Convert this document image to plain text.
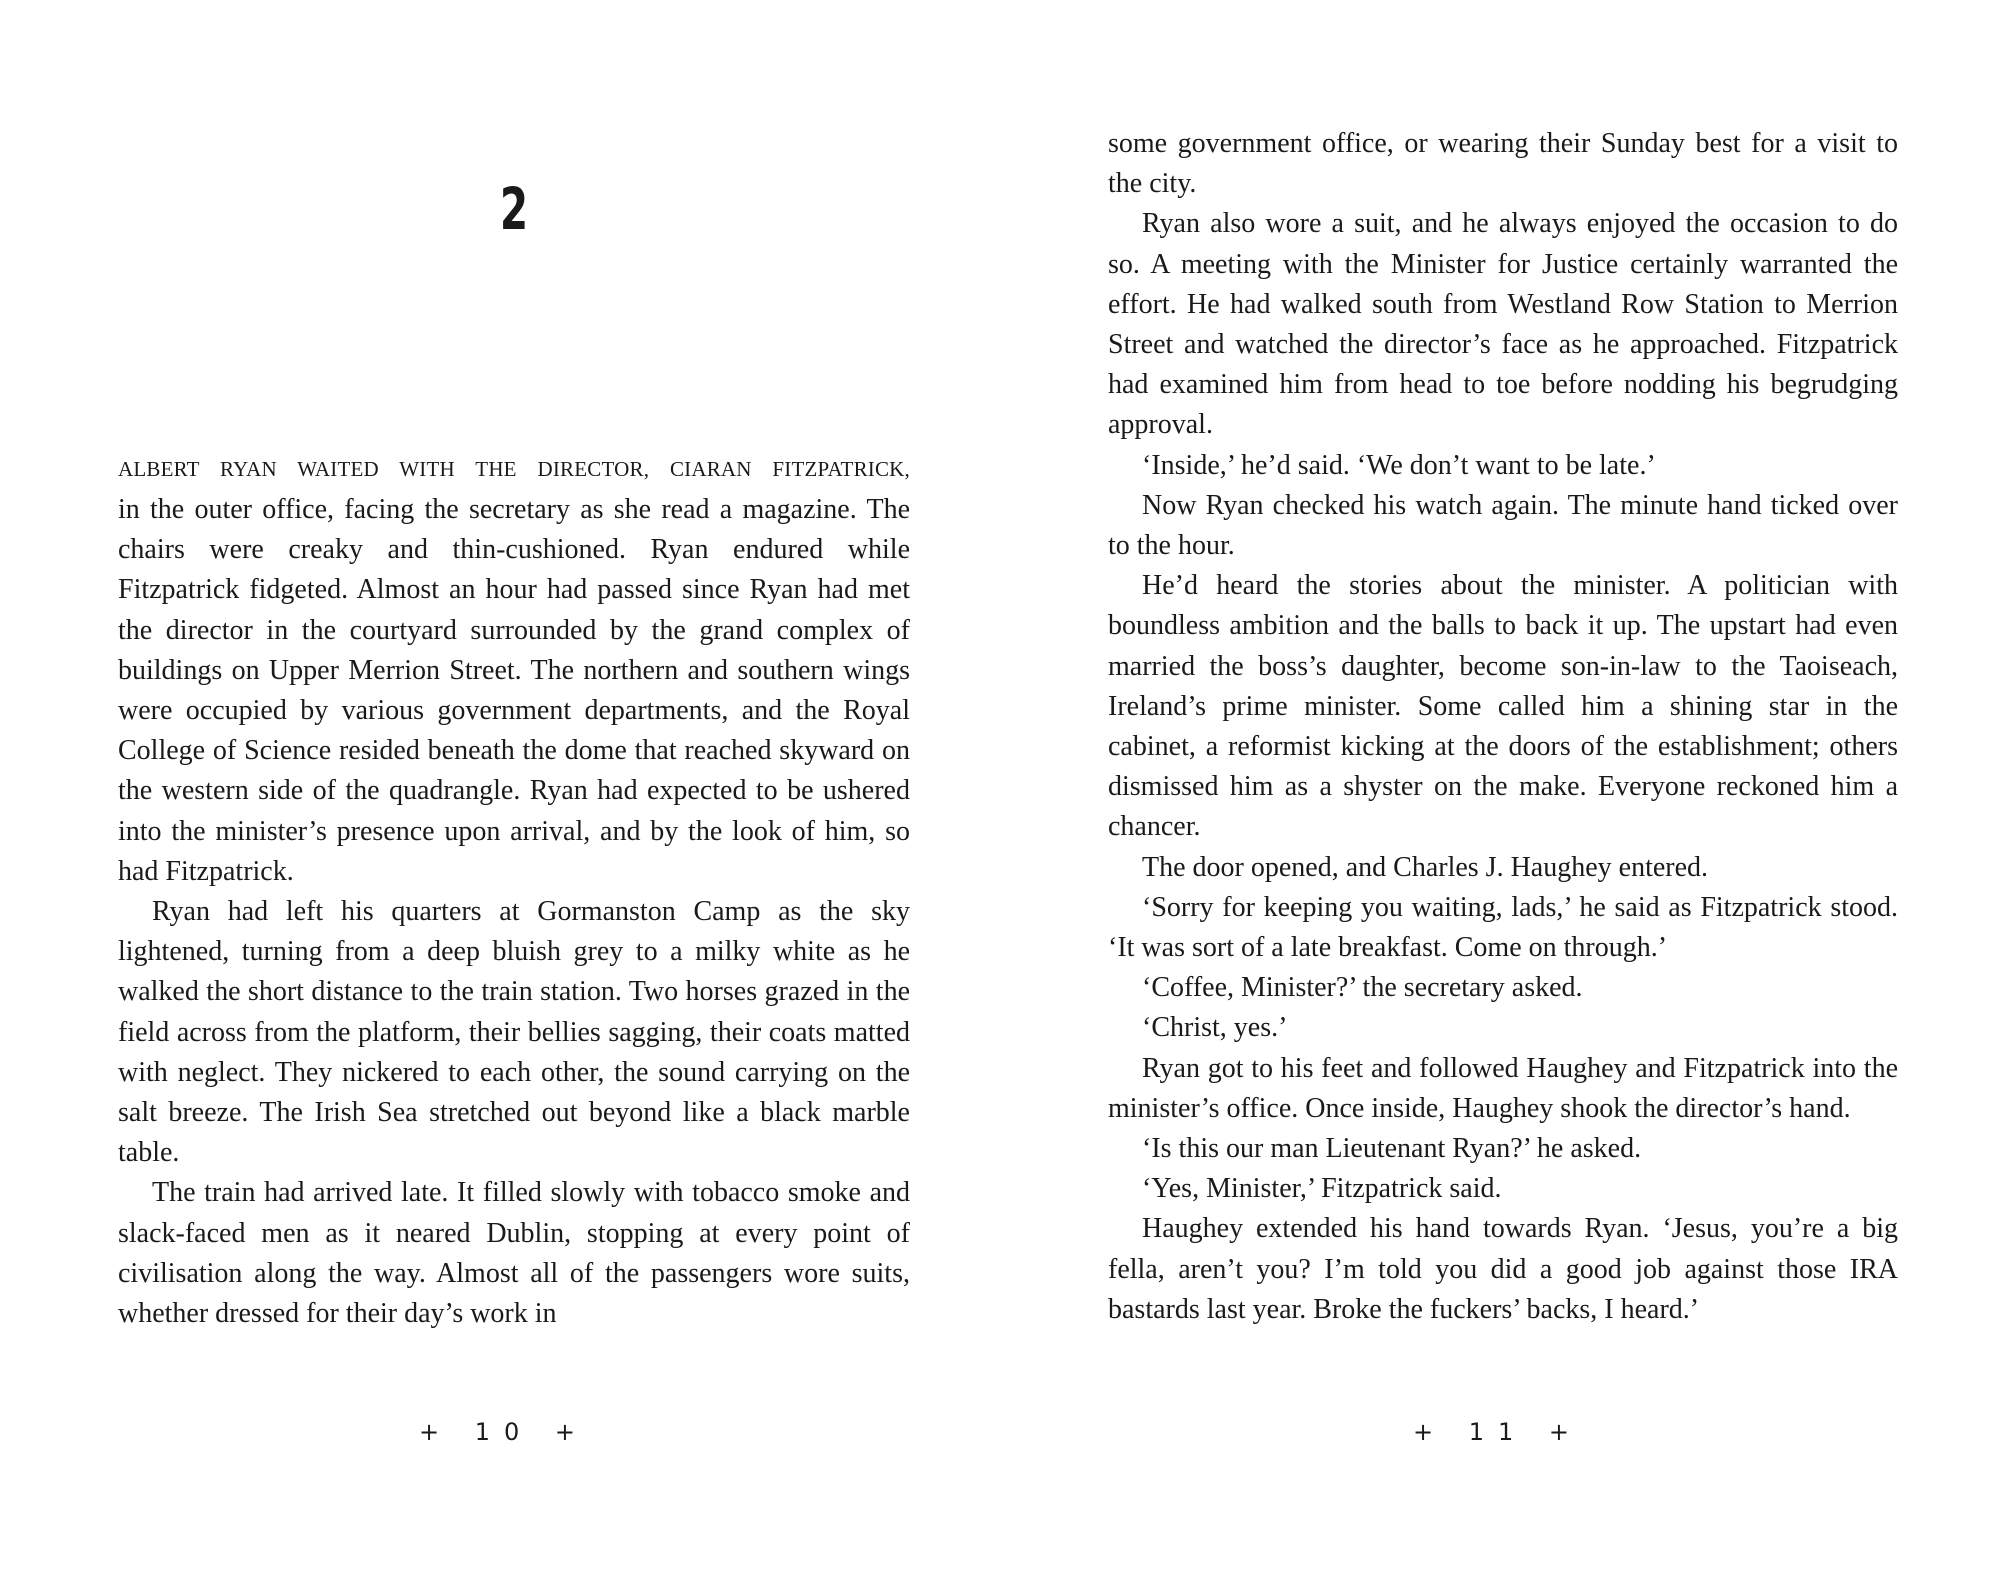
2

ALBERT RYAN WAITED WITH THE DIRECTOR, CIARAN FITZPATRICK,
in the outer office, facing the secretary as she read a magazine. The chairs were creaky and thin-cushioned. Ryan endured while Fitzpatrick fidgeted. Almost an hour had passed since Ryan had met the director in the courtyard surrounded by the grand complex of buildings on Upper Merrion Street. The northern and southern wings were occupied by various government departments, and the Royal College of Science resided beneath the dome that reached skyward on the western side of the quadrangle. Ryan had expected to be ushered into the minister’s presence upon arrival, and by the look of him, so had Fitzpatrick.

Ryan had left his quarters at Gormanston Camp as the sky lightened, turning from a deep bluish grey to a milky white as he walked the short distance to the train station. Two horses grazed in the field across from the platform, their bellies sagging, their coats matted with neglect. They nickered to each other, the sound carrying on the salt breeze. The Irish Sea stretched out beyond like a black marble table.

The train had arrived late. It filled slowly with tobacco smoke and slack-faced men as it neared Dublin, stopping at every point of civilisation along the way. Almost all of the passengers wore suits, whether dressed for their day’s work in

+ 10 +

some government office, or wearing their Sunday best for a visit to the city.

Ryan also wore a suit, and he always enjoyed the occasion to do so. A meeting with the Minister for Justice certainly warranted the effort. He had walked south from Westland Row Station to Merrion Street and watched the director’s face as he approached. Fitzpatrick had examined him from head to toe before nodding his begrudging approval.

‘Inside,’ he’d said. ‘We don’t want to be late.’

Now Ryan checked his watch again. The minute hand ticked over to the hour.

He’d heard the stories about the minister. A politician with boundless ambition and the balls to back it up. The upstart had even married the boss’s daughter, become son-in-law to the Taoiseach, Ireland’s prime minister. Some called him a shining star in the cabinet, a reformist kicking at the doors of the establishment; others dismissed him as a shyster on the make. Everyone reckoned him a chancer.

The door opened, and Charles J. Haughey entered.

‘Sorry for keeping you waiting, lads,’ he said as Fitzpatrick stood. ‘It was sort of a late breakfast. Come on through.’

‘Coffee, Minister?’ the secretary asked.

‘Christ, yes.’

Ryan got to his feet and followed Haughey and Fitzpatrick into the minister’s office. Once inside, Haughey shook the director’s hand.

‘Is this our man Lieutenant Ryan?’ he asked.

‘Yes, Minister,’ Fitzpatrick said.

Haughey extended his hand towards Ryan. ‘Jesus, you’re a big fella, aren’t you? I’m told you did a good job against those IRA bastards last year. Broke the fuckers’ backs, I heard.’

+ 11 +
